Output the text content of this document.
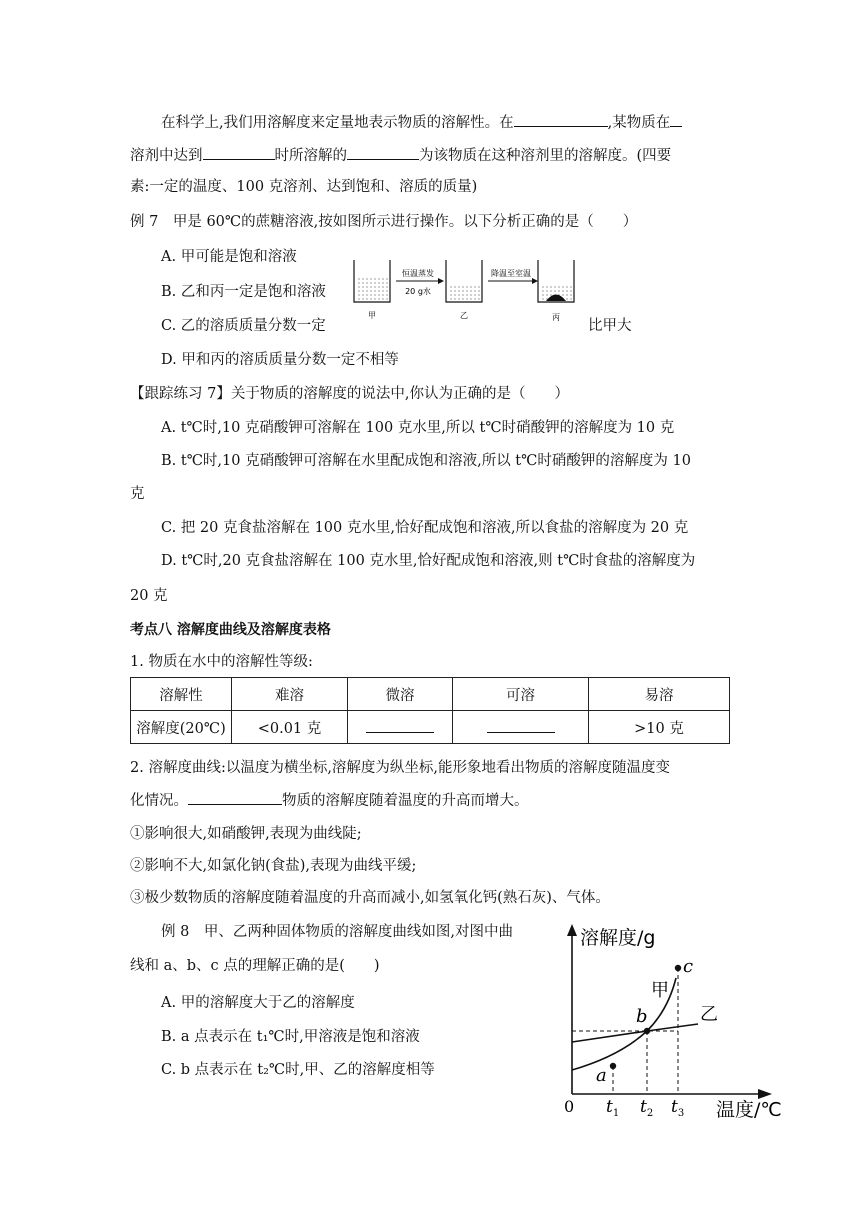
在科学上,我们用溶解度来定量地表示物质的溶解性。在	,某物质在
溶剂中达到	时所溶解的	为该物质在这种溶剂里的溶解度。(四要
素:一定的温度、100 克溶剂、达到饱和、溶质的质量)
例 7　甲是 60℃的蔗糖溶液,按如图所示进行操作。以下分析正确的是（　　）
A. 甲可能是饱和溶液
B. 乙和丙一定是饱和溶液
C. 乙的溶质质量分数一定	比甲大
D. 甲和丙的溶质质量分数一定不相等
恒温蒸发
20 g水
降温至室温
甲	乙	丙
【跟踪练习 7】关于物质的溶解度的说法中,你认为正确的是（　　）
A. t℃时,10 克硝酸钾可溶解在 100 克水里,所以 t℃时硝酸钾的溶解度为 10 克
B. t℃时,10 克硝酸钾可溶解在水里配成饱和溶液,所以 t℃时硝酸钾的溶解度为 10
克
C. 把 20 克食盐溶解在 100 克水里,恰好配成饱和溶液,所以食盐的溶解度为 20 克
D. t℃时,20 克食盐溶解在 100 克水里,恰好配成饱和溶液,则 t℃时食盐的溶解度为
20 克
考点八 溶解度曲线及溶解度表格
1. 物质在水中的溶解性等级:
溶解性	难溶	微溶	可溶	易溶
溶解度(20℃)	<0.01 克			>10 克
2. 溶解度曲线:以温度为横坐标,溶解度为纵坐标,能形象地看出物质的溶解度随温度变
化情况。	物质的溶解度随着温度的升高而增大。
①影响很大,如硝酸钾,表现为曲线陡;
②影响不大,如氯化钠(食盐),表现为曲线平缓;
③极少数物质的溶解度随着温度的升高而减小,如氢氧化钙(熟石灰)、气体。
例 8　甲、乙两种固体物质的溶解度曲线如图,对图中曲
线和 a、b、c 点的理解正确的是(　　)
A. 甲的溶解度大于乙的溶解度
B. a 点表示在 t₁℃时,甲溶液是饱和溶液
C. b 点表示在 t₂℃时,甲、乙的溶解度相等
溶解度/g
温度/℃
0
a
b
c
甲
乙
$t_1$ $t_2$ $t_3$
